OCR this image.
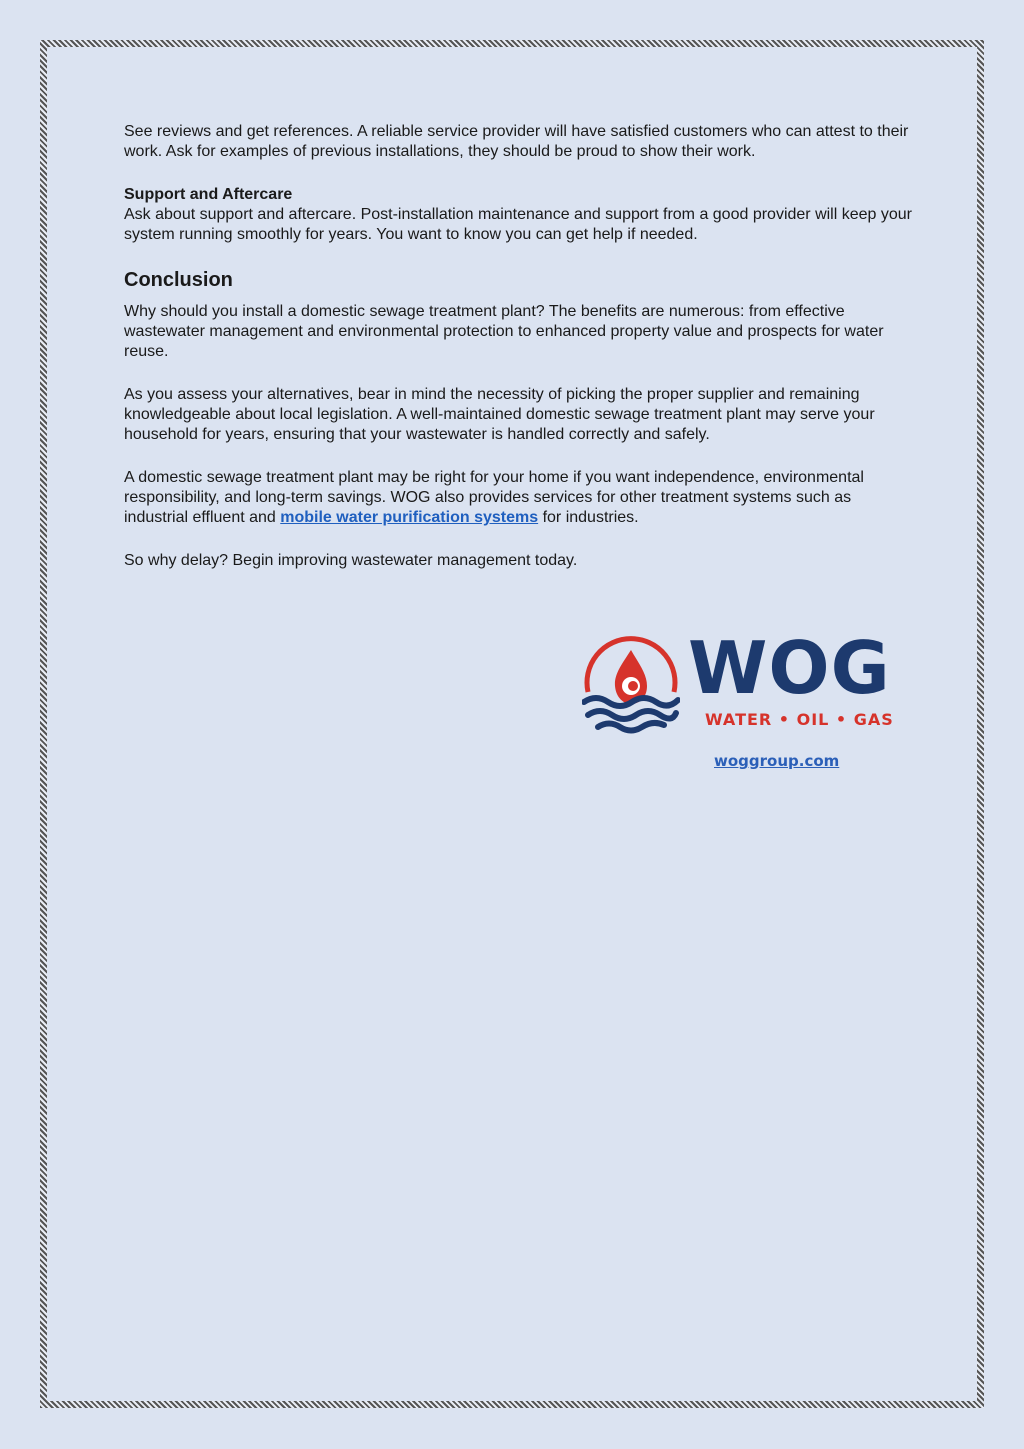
See reviews and get references. A reliable service provider will have satisfied customers who can attest to their work. Ask for examples of previous installations, they should be proud to show their work.

Support and Aftercare

Ask about support and aftercare. Post-installation maintenance and support from a good provider will keep your system running smoothly for years. You want to know you can get help if needed.

Conclusion

Why should you install a domestic sewage treatment plant? The benefits are numerous: from effective wastewater management and environmental protection to enhanced property value and prospects for water reuse.

As you assess your alternatives, bear in mind the necessity of picking the proper supplier and remaining knowledgeable about local legislation. A well-maintained domestic sewage treatment plant may serve your household for years, ensuring that your wastewater is handled correctly and safely.

A domestic sewage treatment plant may be right for your home if you want independence, environmental responsibility, and long-term savings. WOG also provides services for other treatment systems such as industrial effluent and mobile water purification systems for industries.

So why delay? Begin improving wastewater management today.

WOG
WATER • OIL • GAS
woggroup.com
